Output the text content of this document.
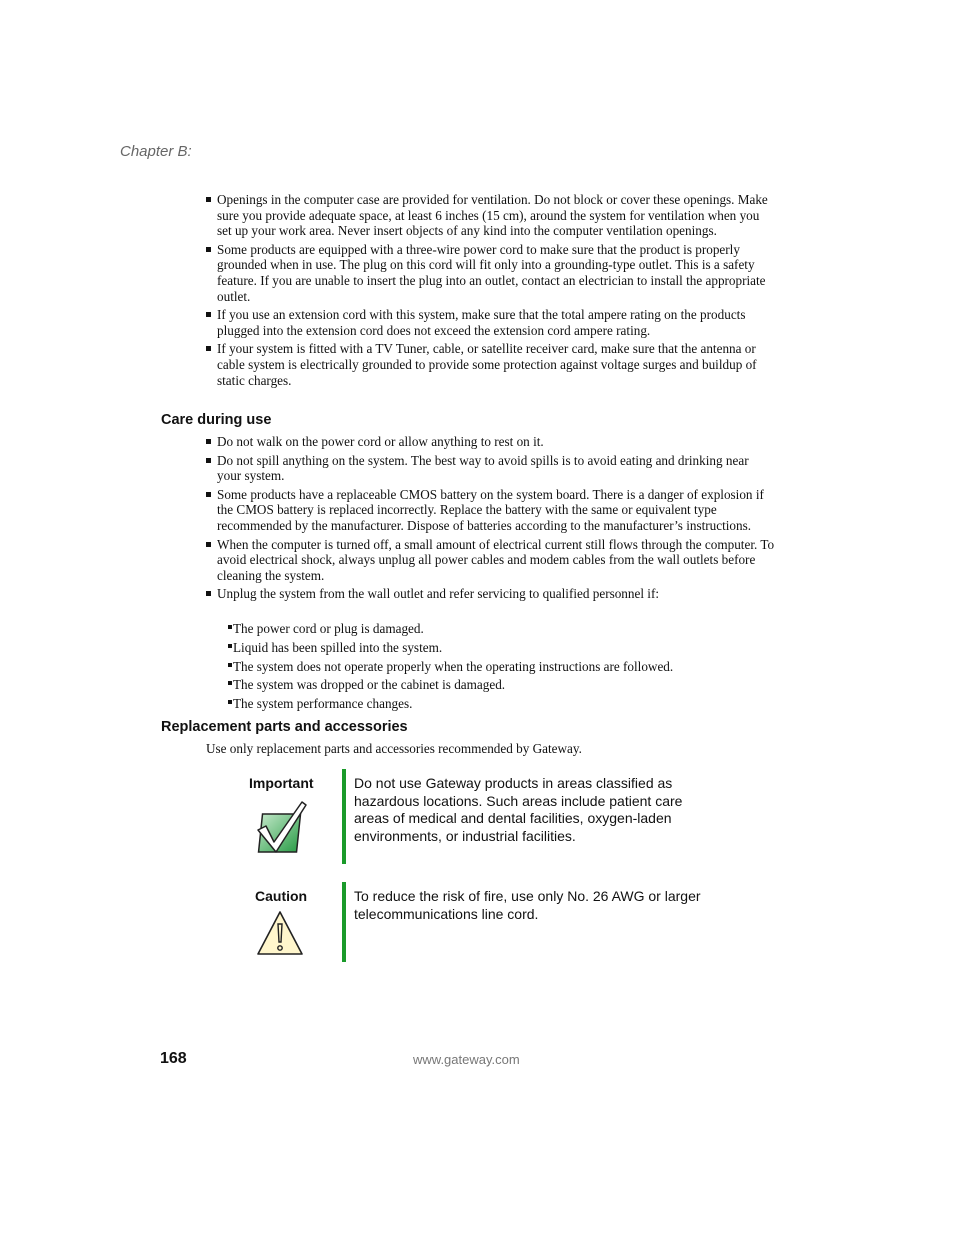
Chapter B:
Openings in the computer case are provided for ventilation. Do not block or cover these openings. Make sure you provide adequate space, at least 6 inches (15 cm), around the system for ventilation when you set up your work area. Never insert objects of any kind into the computer ventilation openings.
Some products are equipped with a three-wire power cord to make sure that the product is properly grounded when in use. The plug on this cord will fit only into a grounding-type outlet. This is a safety feature. If you are unable to insert the plug into an outlet, contact an electrician to install the appropriate outlet.
If you use an extension cord with this system, make sure that the total ampere rating on the products plugged into the extension cord does not exceed the extension cord ampere rating.
If your system is fitted with a TV Tuner, cable, or satellite receiver card, make sure that the antenna or cable system is electrically grounded to provide some protection against voltage surges and buildup of static charges.
Care during use
Do not walk on the power cord or allow anything to rest on it.
Do not spill anything on the system. The best way to avoid spills is to avoid eating and drinking near your system.
Some products have a replaceable CMOS battery on the system board. There is a danger of explosion if the CMOS battery is replaced incorrectly. Replace the battery with the same or equivalent type recommended by the manufacturer. Dispose of batteries according to the manufacturer’s instructions.
When the computer is turned off, a small amount of electrical current still flows through the computer. To avoid electrical shock, always unplug all power cables and modem cables from the wall outlets before cleaning the system.
Unplug the system from the wall outlet and refer servicing to qualified personnel if:
The power cord or plug is damaged.
Liquid has been spilled into the system.
The system does not operate properly when the operating instructions are followed.
The system was dropped or the cabinet is damaged.
The system performance changes.
Replacement parts and accessories
Use only replacement parts and accessories recommended by Gateway.
Important	Do not use Gateway products in areas classified as hazardous locations. Such areas include patient care areas of medical and dental facilities, oxygen-laden environments, or industrial facilities.
Caution	To reduce the risk of fire, use only No. 26 AWG or larger telecommunications line cord.
168	www.gateway.com
